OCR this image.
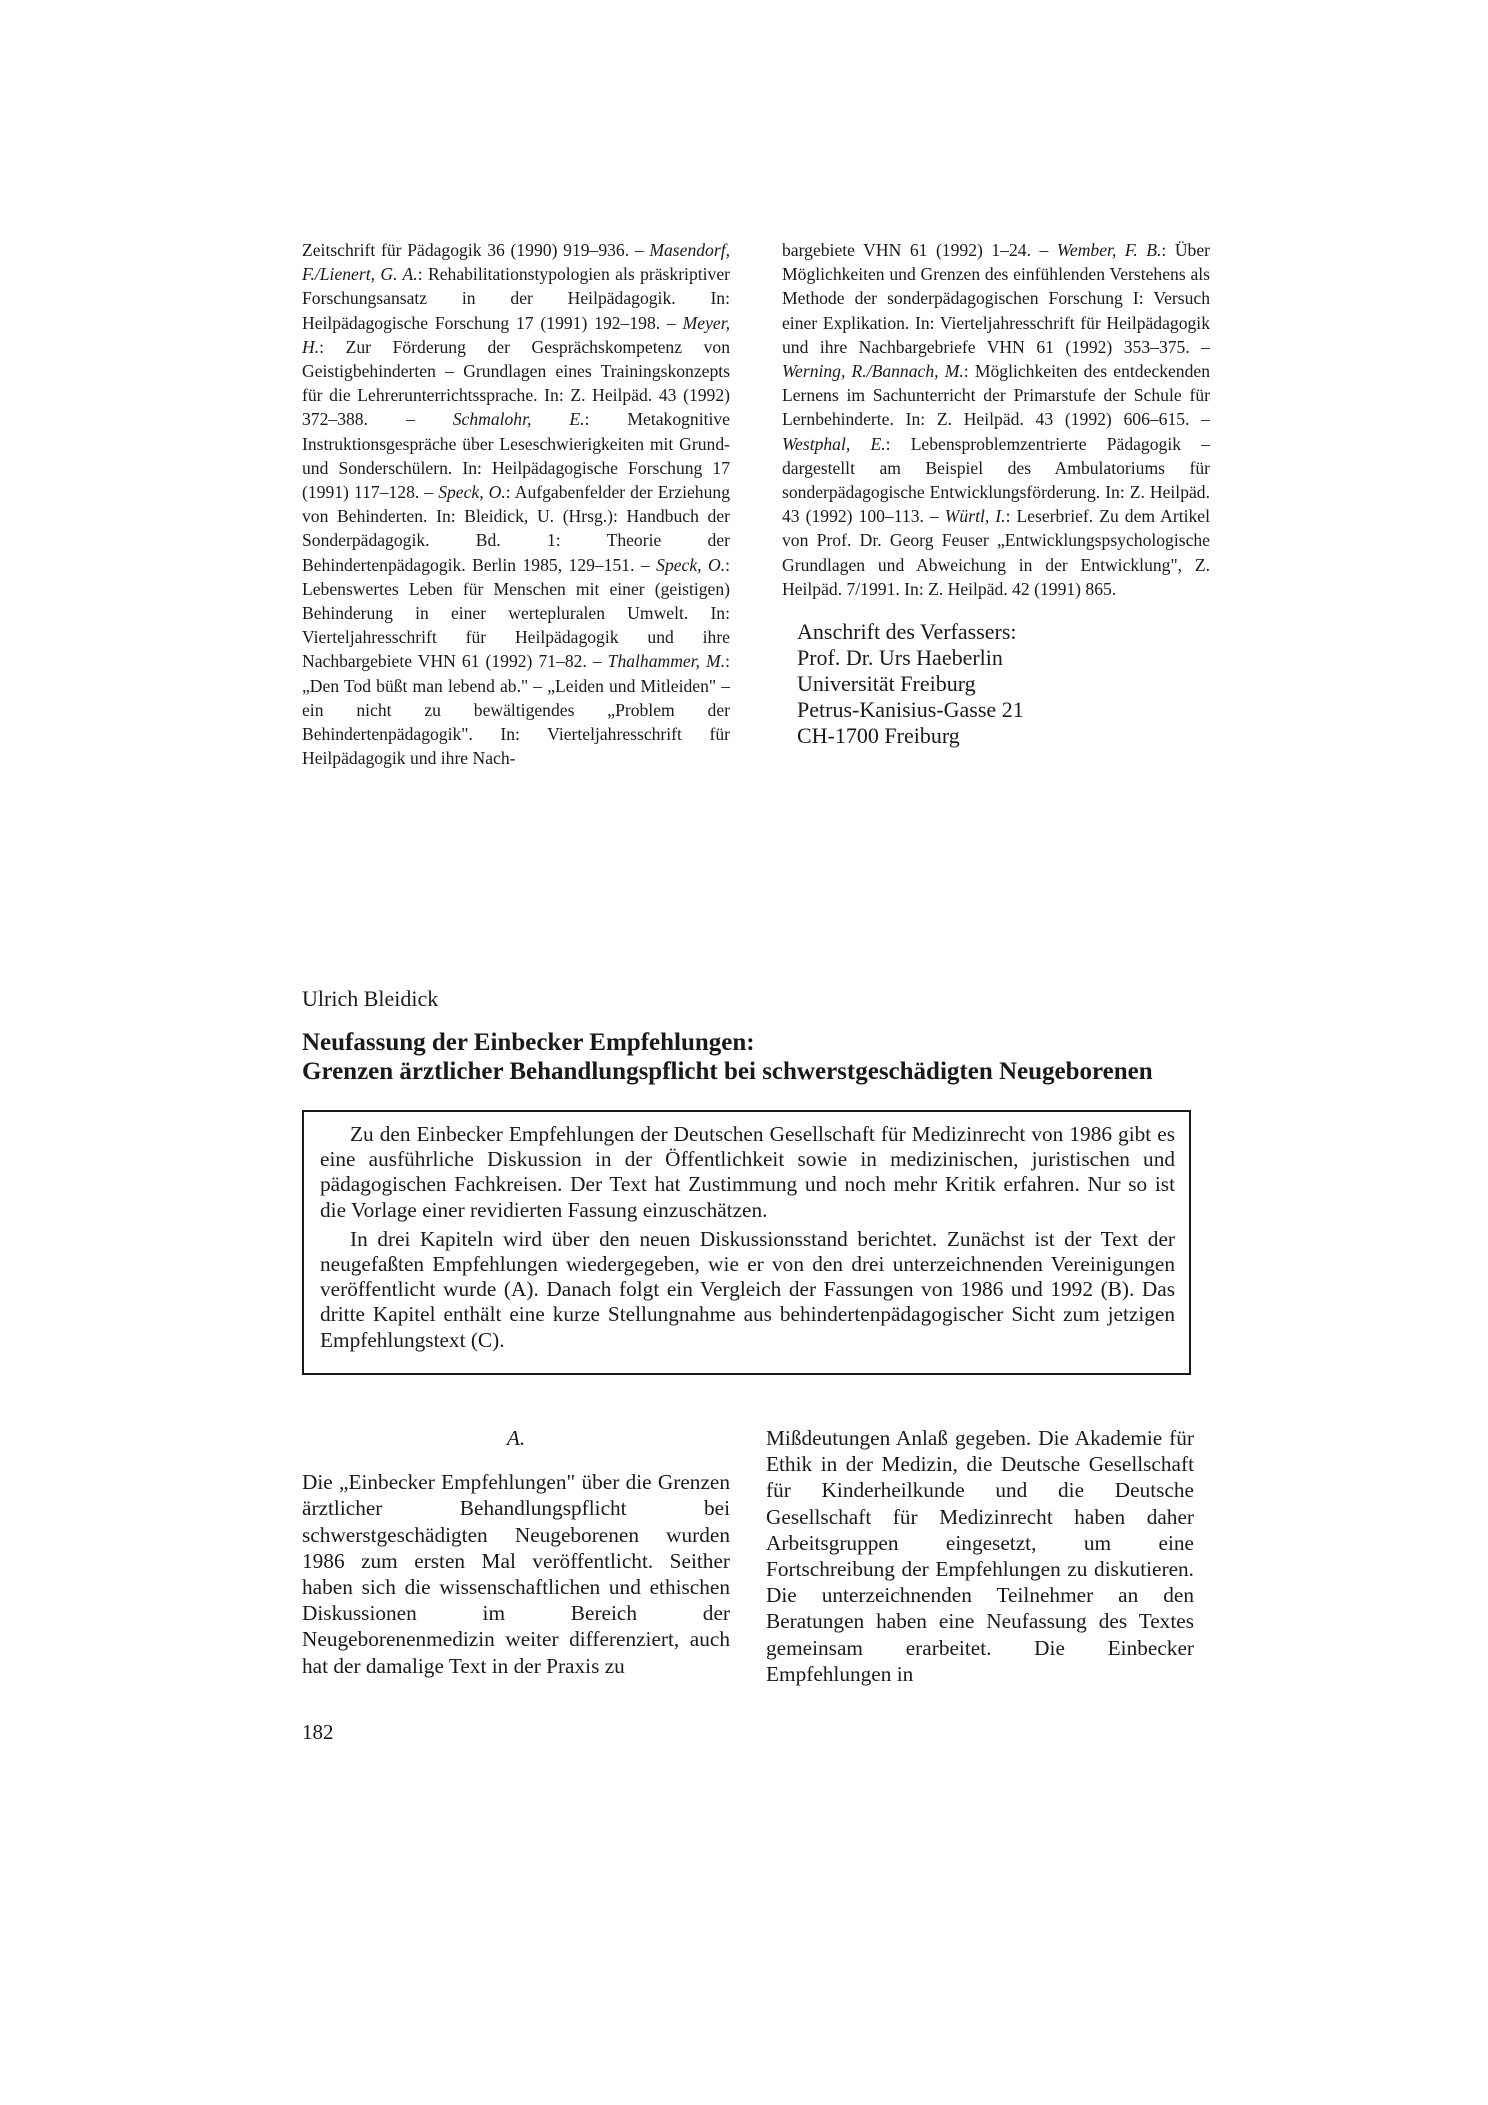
Zeitschrift für Pädagogik 36 (1990) 919–936. – Masendorf, F./Lienert, G. A.: Rehabilitationstypologien als präskriptiver Forschungsansatz in der Heilpädagogik. In: Heilpädagogische Forschung 17 (1991) 192–198. – Meyer, H.: Zur Förderung der Gesprächskompetenz von Geistigbehinderten – Grundlagen eines Trainingskonzepts für die Lehrerunterrichtssprache. In: Z. Heilpäd. 43 (1992) 372–388. – Schmalohr, E.: Metakognitive Instruktionsgespräche über Leseschwierigkeiten mit Grund- und Sonderschülern. In: Heilpädagogische Forschung 17 (1991) 117–128. – Speck, O.: Aufgabenfelder der Erziehung von Behinderten. In: Bleidick, U. (Hrsg.): Handbuch der Sonderpädagogik. Bd. 1: Theorie der Behindertenpädagogik. Berlin 1985, 129–151. – Speck, O.: Lebenswertes Leben für Menschen mit einer (geistigen) Behinderung in einer wertepluralen Umwelt. In: Vierteljahresschrift für Heilpädagogik und ihre Nachbargebiete VHN 61 (1992) 71–82. – Thalhammer, M.: „Den Tod büßt man lebend ab." – „Leiden und Mitleiden" – ein nicht zu bewältigendes „Problem der Behindertenpädagogik". In: Vierteljahresschrift für Heilpädagogik und ihre Nach-

bargebiete VHN 61 (1992) 1–24. – Wember, F. B.: Über Möglichkeiten und Grenzen des einfühlenden Verstehens als Methode der sonderpädagogischen Forschung I: Versuch einer Explikation. In: Vierteljahresschrift für Heilpädagogik und ihre Nachbargebriefe VHN 61 (1992) 353–375. – Werning, R./Bannach, M.: Möglichkeiten des entdeckenden Lernens im Sachunterricht der Primarstufe der Schule für Lernbehinderte. In: Z. Heilpäd. 43 (1992) 606–615. – Westphal, E.: Lebensproblemzentrierte Pädagogik – dargestellt am Beispiel des Ambulatoriums für sonderpädagogische Entwicklungsförderung. In: Z. Heilpäd. 43 (1992) 100–113. – Würtl, I.: Leserbrief. Zu dem Artikel von Prof. Dr. Georg Feuser „Entwicklungspsychologische Grundlagen und Abweichung in der Entwicklung", Z. Heilpäd. 7/1991. In: Z. Heilpäd. 42 (1991) 865.

Anschrift des Verfassers:
Prof. Dr. Urs Haeberlin
Universität Freiburg
Petrus-Kanisius-Gasse 21
CH-1700 Freiburg
Ulrich Bleidick
Neufassung der Einbecker Empfehlungen:
Grenzen ärztlicher Behandlungspflicht bei schwerstgeschädigten Neugeborenen

Zu den Einbecker Empfehlungen der Deutschen Gesellschaft für Medizinrecht von 1986 gibt es eine ausführliche Diskussion in der Öffentlichkeit sowie in medizinischen, juristischen und pädagogischen Fachkreisen. Der Text hat Zustimmung und noch mehr Kritik erfahren. Nur so ist die Vorlage einer revidierten Fassung einzuschätzen.

In drei Kapiteln wird über den neuen Diskussionsstand berichtet. Zunächst ist der Text der neugefaßten Empfehlungen wiedergegeben, wie er von den drei unterzeichnenden Vereinigungen veröffentlicht wurde (A). Danach folgt ein Vergleich der Fassungen von 1986 und 1992 (B). Das dritte Kapitel enthält eine kurze Stellungnahme aus behindertenpädagogischer Sicht zum jetzigen Empfehlungstext (C).

A.

Die „Einbecker Empfehlungen" über die Grenzen ärztlicher Behandlungspflicht bei schwerstgeschädigten Neugeborenen wurden 1986 zum ersten Mal veröffentlicht. Seither haben sich die wissenschaftlichen und ethischen Diskussionen im Bereich der Neugeborenenmedizin weiter differenziert, auch hat der damalige Text in der Praxis zu

Mißdeutungen Anlaß gegeben. Die Akademie für Ethik in der Medizin, die Deutsche Gesellschaft für Kinderheilkunde und die Deutsche Gesellschaft für Medizinrecht haben daher Arbeitsgruppen eingesetzt, um eine Fortschreibung der Empfehlungen zu diskutieren. Die unterzeichnenden Teilnehmer an den Beratungen haben eine Neufassung des Textes gemeinsam erarbeitet. Die Einbecker Empfehlungen in

182
